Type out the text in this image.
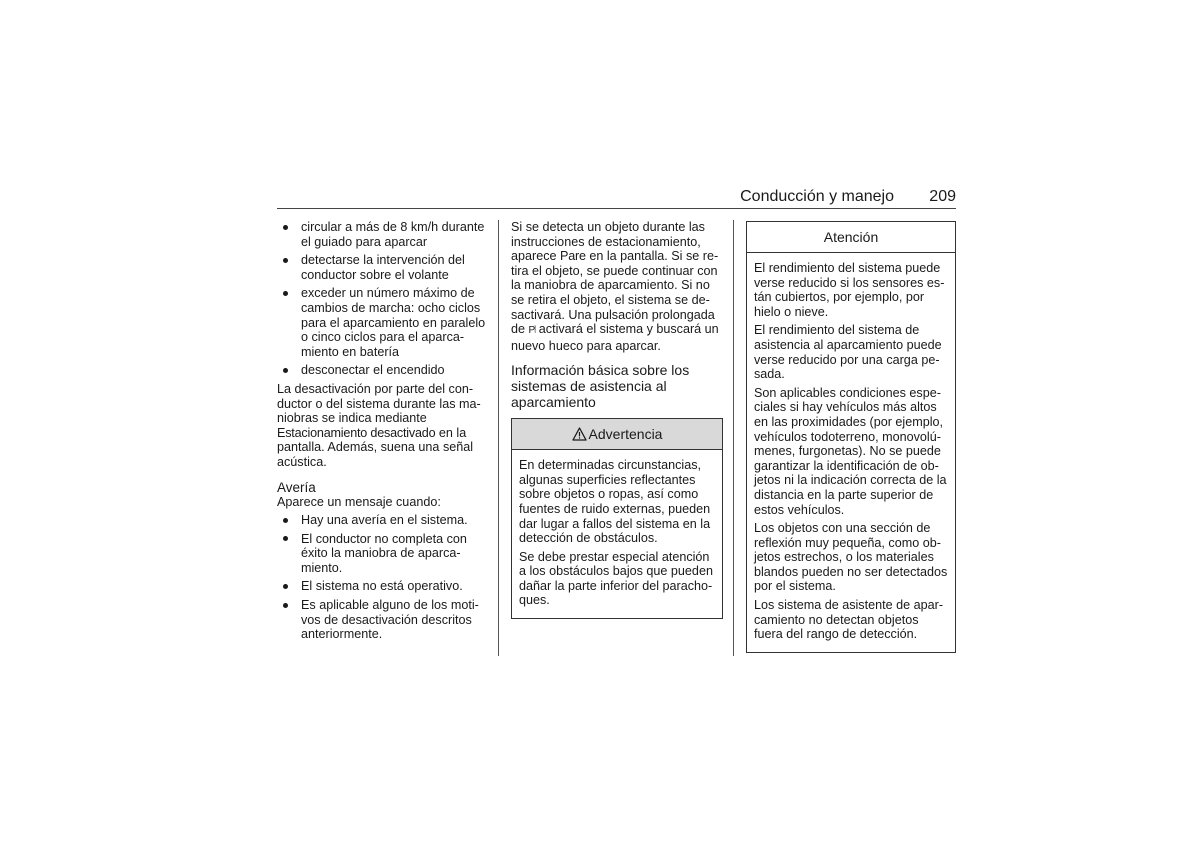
Conducción y manejo 209
circular a más de 8 km/h durante el guiado para aparcar
detectarse la intervención del conductor sobre el volante
exceder un número máximo de cambios de marcha: ocho ciclos para el aparcamiento en paralelo o cinco ciclos para el aparcamiento en batería
desconectar el encendido

La desactivación por parte del conductor o del sistema durante las maniobras se indica mediante Estacionamiento desactivado en la pantalla. Además, suena una señal acústica.

Avería

Aparece un mensaje cuando:

Hay una avería en el sistema.
El conductor no completa con éxito la maniobra de aparcamiento.
El sistema no está operativo.
Es aplicable alguno de los motivos de desactivación descritos anteriormente.

Si se detecta un objeto durante las instrucciones de estacionamiento, aparece Pare en la pantalla. Si se retira el objeto, se puede continuar con la maniobra de aparcamiento. Si no se retira el objeto, el sistema se desactivará. Una pulsación prolongada de P⦚ activará el sistema y buscará un nuevo hueco para aparcar.

Información básica sobre los sistemas de asistencia al aparcamiento
Advertencia

En determinadas circunstancias, algunas superficies reflectantes sobre objetos o ropas, así como fuentes de ruido externas, pueden dar lugar a fallos del sistema en la detección de obstáculos.

Se debe prestar especial atención a los obstáculos bajos que pueden dañar la parte inferior del parachoques.

Atención

El rendimiento del sistema puede verse reducido si los sensores están cubiertos, por ejemplo, por hielo o nieve.

El rendimiento del sistema de asistencia al aparcamiento puede verse reducido por una carga pesada.

Son aplicables condiciones especiales si hay vehículos más altos en las proximidades (por ejemplo, vehículos todoterreno, monovolúmenes, furgonetas). No se puede garantizar la identificación de objetos ni la indicación correcta de la distancia en la parte superior de estos vehículos.

Los objetos con una sección de reflexión muy pequeña, como objetos estrechos, o los materiales blandos pueden no ser detectados por el sistema.

Los sistema de asistente de aparcamiento no detectan objetos fuera del rango de detección.
